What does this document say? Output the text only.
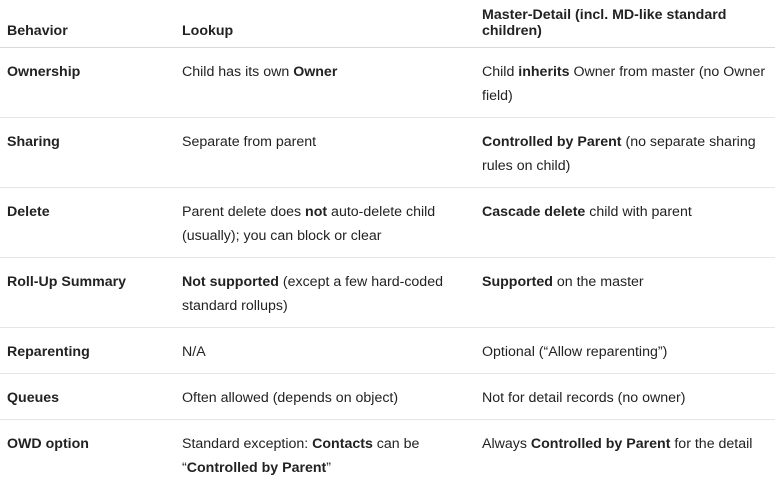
Behavior	Lookup	Master-Detail (incl. MD-like standard children)
Ownership	Child has its own Owner	Child inherits Owner from master (no Owner field)
Sharing	Separate from parent	Controlled by Parent (no separate sharing rules on child)
Delete	Parent delete does not auto-delete child (usually); you can block or clear	Cascade delete child with parent
Roll-Up Summary	Not supported (except a few hard-coded standard rollups)	Supported on the master
Reparenting	N/A	Optional (“Allow reparenting”)
Queues	Often allowed (depends on object)	Not for detail records (no owner)
OWD option	Standard exception: Contacts can be “Controlled by Parent”	Always Controlled by Parent for the detail
